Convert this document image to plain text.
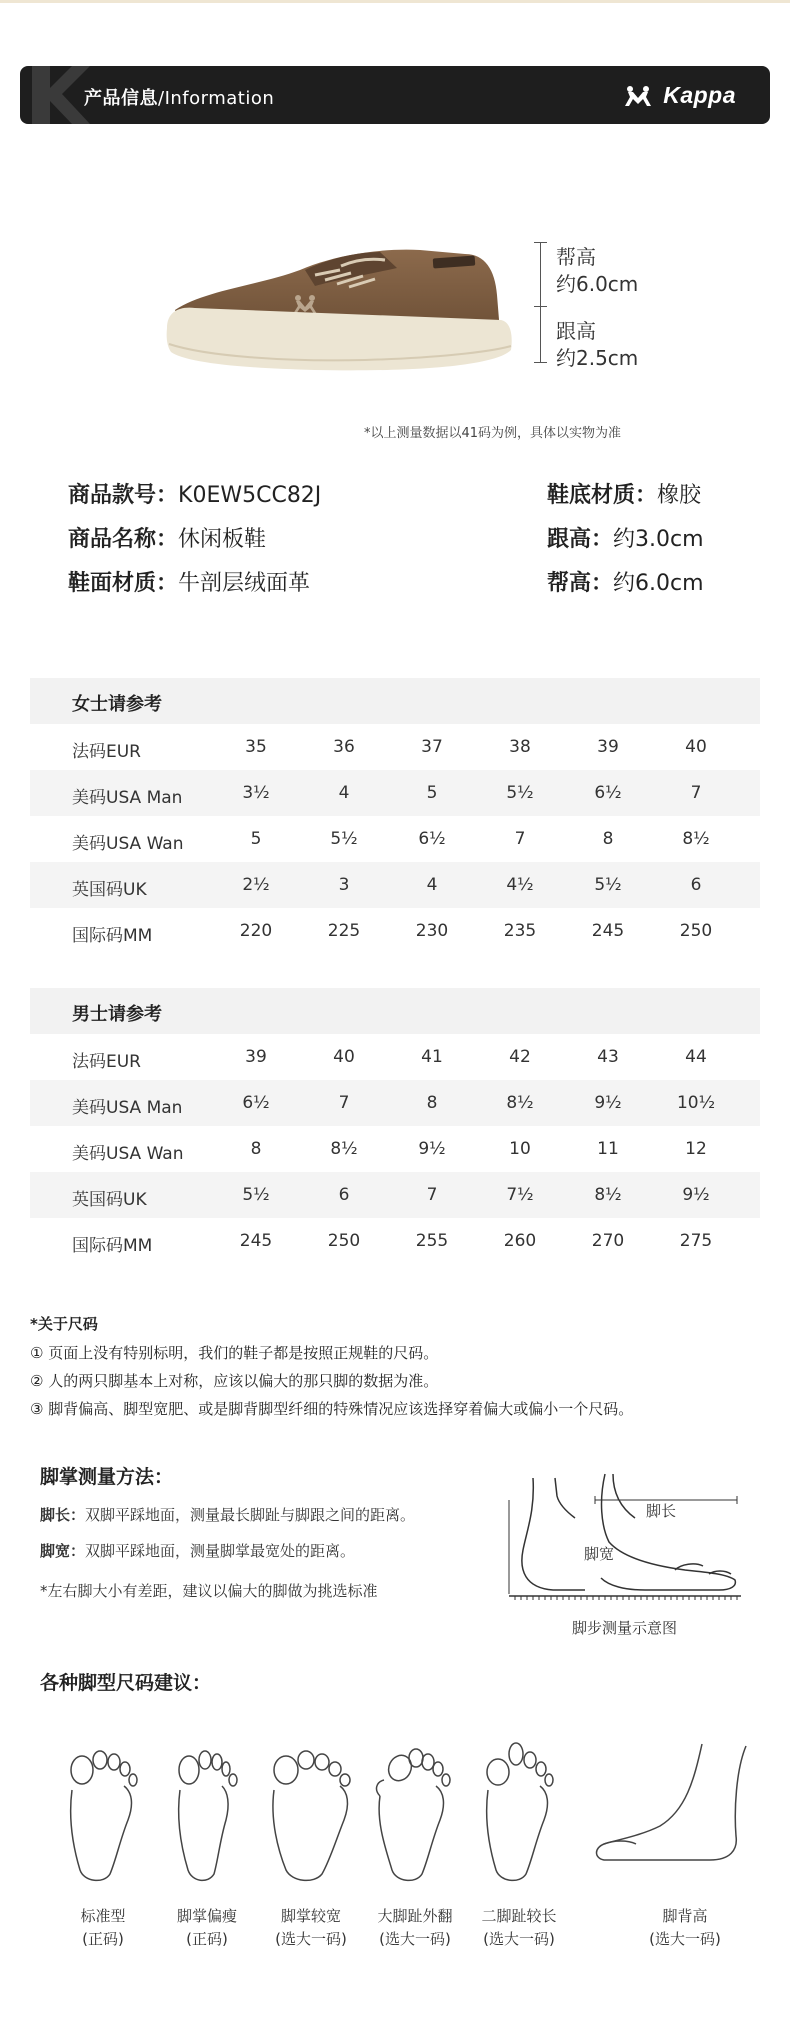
产品信息/Information	Kappa
帮高
约6.0cm
跟高
约2.5cm
*以上测量数据以41码为例，具体以实物为准
商品款号：K0EW5CC82J
商品名称：休闲板鞋
鞋面材质：牛剖层绒面革
鞋底材质：橡胶
跟高：约3.0cm
帮高：约6.0cm
女士请参考
法码EUR	35	36	37	38	39	40
美码USA Man	3½	4	5	5½	6½	7
美码USA Wan	5	5½	6½	7	8	8½
英国码UK	2½	3	4	4½	5½	6
国际码MM	220	225	230	235	245	250
男士请参考
法码EUR	39	40	41	42	43	44
美码USA Man	6½	7	8	8½	9½	10½
美码USA Wan	8	8½	9½	10	11	12
英国码UK	5½	6	7	7½	8½	9½
国际码MM	245	250	255	260	270	275
*关于尺码
① 页面上没有特别标明，我们的鞋子都是按照正规鞋的尺码。
② 人的两只脚基本上对称，应该以偏大的那只脚的数据为准。
③ 脚背偏高、脚型宽肥、或是脚背脚型纤细的特殊情况应该选择穿着偏大或偏小一个尺码。
脚掌测量方法：
脚长：双脚平踩地面，测量最长脚趾与脚跟之间的距离。
脚宽：双脚平踩地面，测量脚掌最宽处的距离。
*左右脚大小有差距，建议以偏大的脚做为挑选标准
脚长
脚宽
脚步测量示意图
各种脚型尺码建议：
标准型
(正码)
脚掌偏瘦
(正码)
脚掌较宽
(选大一码)
大脚趾外翻
(选大一码)
二脚趾较长
(选大一码)
脚背高
(选大一码)
